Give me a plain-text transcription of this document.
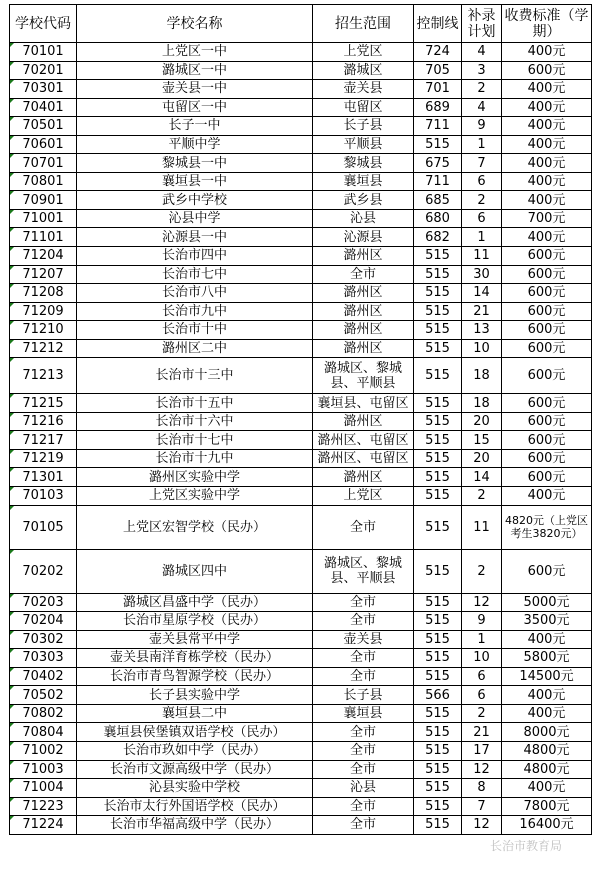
学校代码	学校名称	招生范围	控制线	补录计划	收费标准（学期）
70101	上党区一中	上党区	724	4	400元
70201	潞城区一中	潞城区	705	3	600元
70301	壶关县一中	壶关县	701	2	400元
70401	屯留区一中	屯留区	689	4	400元
70501	长子一中	长子县	711	9	400元
70601	平顺中学	平顺县	515	1	400元
70701	黎城县一中	黎城县	675	7	400元
70801	襄垣县一中	襄垣县	711	6	400元
70901	武乡中学校	武乡县	685	2	400元
71001	沁县中学	沁县	680	6	700元
71101	沁源县一中	沁源县	682	1	400元
71204	长治市四中	潞州区	515	11	600元
71207	长治市七中	全市	515	30	600元
71208	长治市八中	潞州区	515	14	600元
71209	长治市九中	潞州区	515	21	600元
71210	长治市十中	潞州区	515	13	600元
71212	潞州区二中	潞州区	515	10	600元
71213	长治市十三中	潞城区、黎城县、平顺县	515	18	600元
71215	长治市十五中	襄垣县、屯留区	515	18	600元
71216	长治市十六中	潞州区	515	20	600元
71217	长治市十七中	潞州区、屯留区	515	15	600元
71219	长治市十九中	潞州区、屯留区	515	20	600元
71301	潞州区实验中学	潞州区	515	14	600元
70103	上党区实验中学	上党区	515	2	400元
70105	上党区宏智学校（民办）	全市	515	11	4820元（上党区考生3820元）
70202	潞城区四中	潞城区、黎城县、平顺县	515	2	600元
70203	潞城区昌盛中学（民办）	全市	515	12	5000元
70204	长治市星原学校（民办）	全市	515	9	3500元
70302	壶关县常平中学	壶关县	515	1	400元
70303	壶关县南洋育栋学校（民办）	全市	515	10	5800元
70402	长治市青鸟智源学校（民办）	全市	515	6	14500元
70502	长子县实验中学	长子县	566	6	400元
70802	襄垣县二中	襄垣县	515	2	400元
70804	襄垣县侯堡镇双语学校（民办）	全市	515	21	8000元
71002	长治市玖如中学（民办）	全市	515	17	4800元
71003	长治市文源高级中学（民办）	全市	515	12	4800元
71004	沁县实验中学校	沁县	515	8	400元
71223	长治市太行外国语学校（民办）	全市	515	7	7800元
71224	长治市华福高级中学（民办）	全市	515	12	16400元
长治市教育局
